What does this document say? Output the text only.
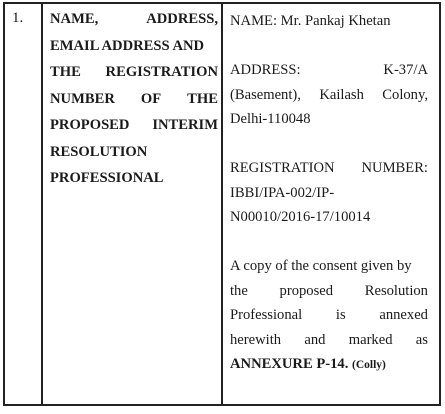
1. NAME,	ADDRESS,
EMAIL ADDRESS AND
THE REGISTRATION
NUMBER OF THE
PROPOSED INTERIM
RESOLUTION
PROFESSIONAL
NAME: Mr. Pankaj Khetan
ADDRESS:	K-37/A
(Basement), Kailash Colony,
Delhi-110048
REGISTRATION NUMBER:
IBBI/IPA-002/IP-
N00010/2016-17/10014
A copy of the consent given by
the proposed Resolution
Professional is annexed
herewith and marked as
ANNEXURE P-14. (Colly)
